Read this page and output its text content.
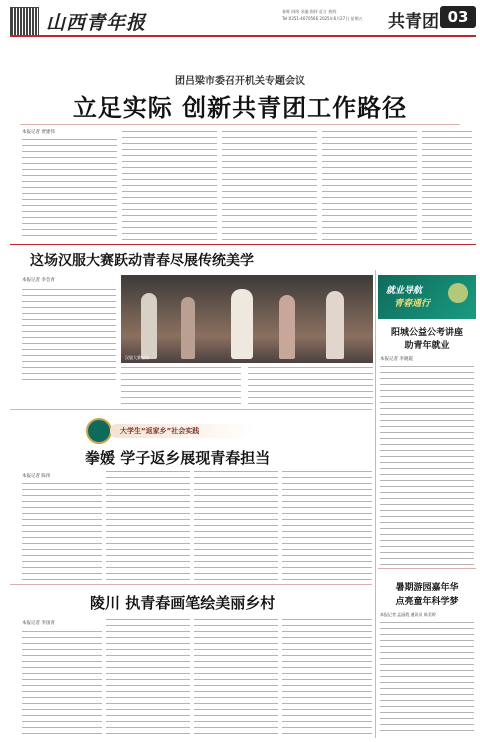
山西青年报
春晖 网络 采编 指挥 征订 热线
Tel:0351-4070566 2025年6月27日 星期五 共青团 03
团吕梁市委召开机关专题会议
立足实际 创新共青团工作路径
本报记者 贾建伟
这场汉服大赛跃动青春尽展传统美学
本报记者 李会青
汉服大赛现场
就业导航
青春通行
阳城公益公考讲座
助青年就业
本报记者 李晓霞
大学生“返家乡”社会实践
拳媛 学子返乡展现青春担当
本报记者 陈彤
暑期游园嘉年华
点亮童年科学梦
本报记者 孟丽霞 通讯员 陈美婷
陵川 执青春画笔绘美丽乡村
本报记者 李国青
